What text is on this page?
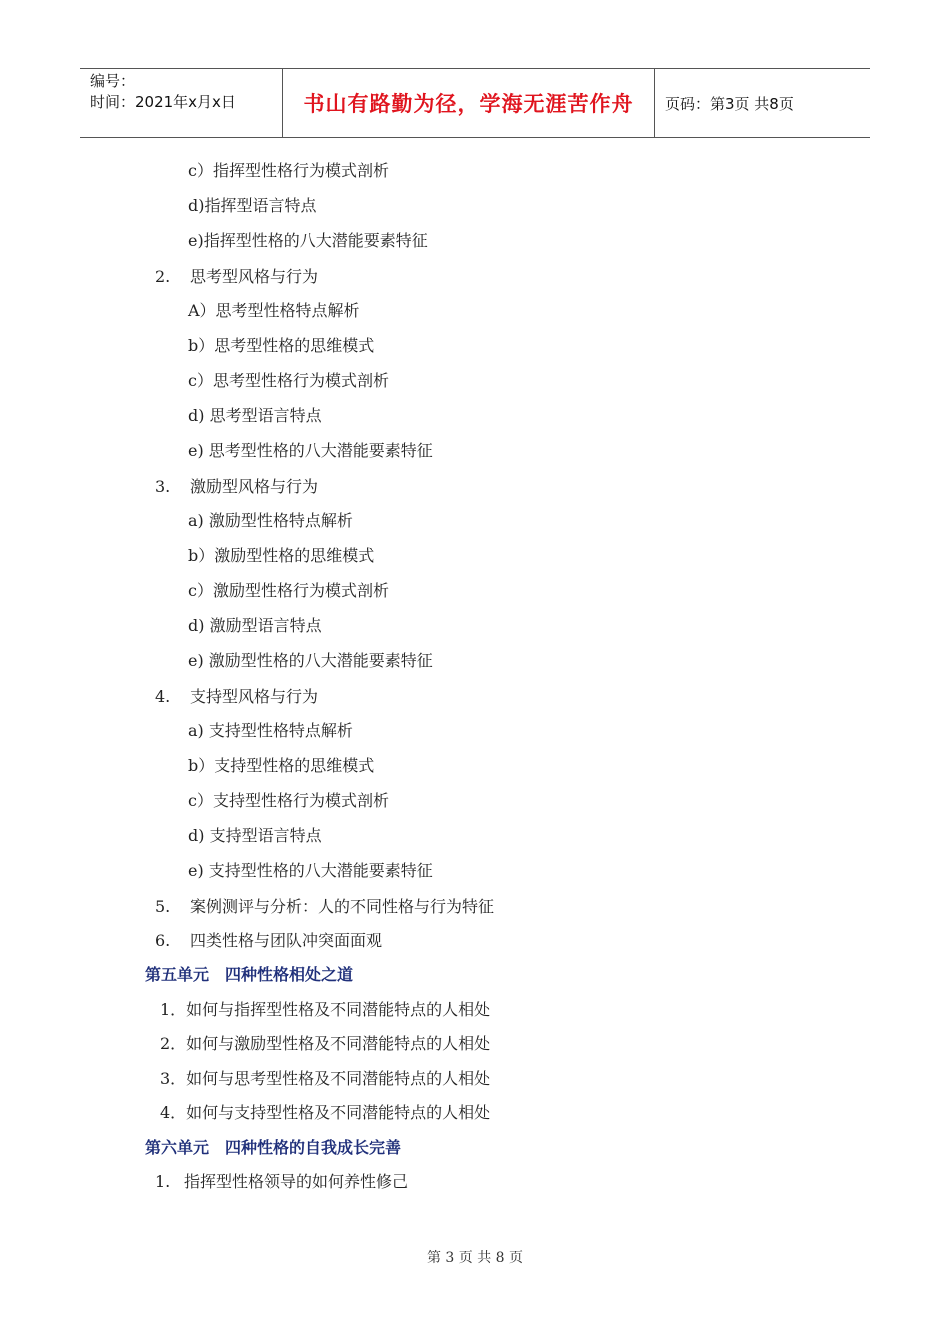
编号：
时间：2021年x月x日	书山有路勤为径，学海无涯苦作舟	页码：第3页 共8页
c）指挥型性格行为模式剖析
d)指挥型语言特点
e)指挥型性格的八大潜能要素特征
2. 思考型风格与行为
A）思考型性格特点解析
b）思考型性格的思维模式
c）思考型性格行为模式剖析
d) 思考型语言特点
e) 思考型性格的八大潜能要素特征
3. 激励型风格与行为
a) 激励型性格特点解析
b）激励型性格的思维模式
c）激励型性格行为模式剖析
d) 激励型语言特点
e) 激励型性格的八大潜能要素特征
4. 支持型风格与行为
a) 支持型性格特点解析
b）支持型性格的思维模式
c）支持型性格行为模式剖析
d) 支持型语言特点
e) 支持型性格的八大潜能要素特征
5. 案例测评与分析：人的不同性格与行为特征
6. 四类性格与团队冲突面面观
第五单元　四种性格相处之道
1．如何与指挥型性格及不同潜能特点的人相处
2．如何与激励型性格及不同潜能特点的人相处
3．如何与思考型性格及不同潜能特点的人相处
4．如何与支持型性格及不同潜能特点的人相处
第六单元　四种性格的自我成长完善
1. 指挥型性格领导的如何养性修己
第 3 页 共 8 页
